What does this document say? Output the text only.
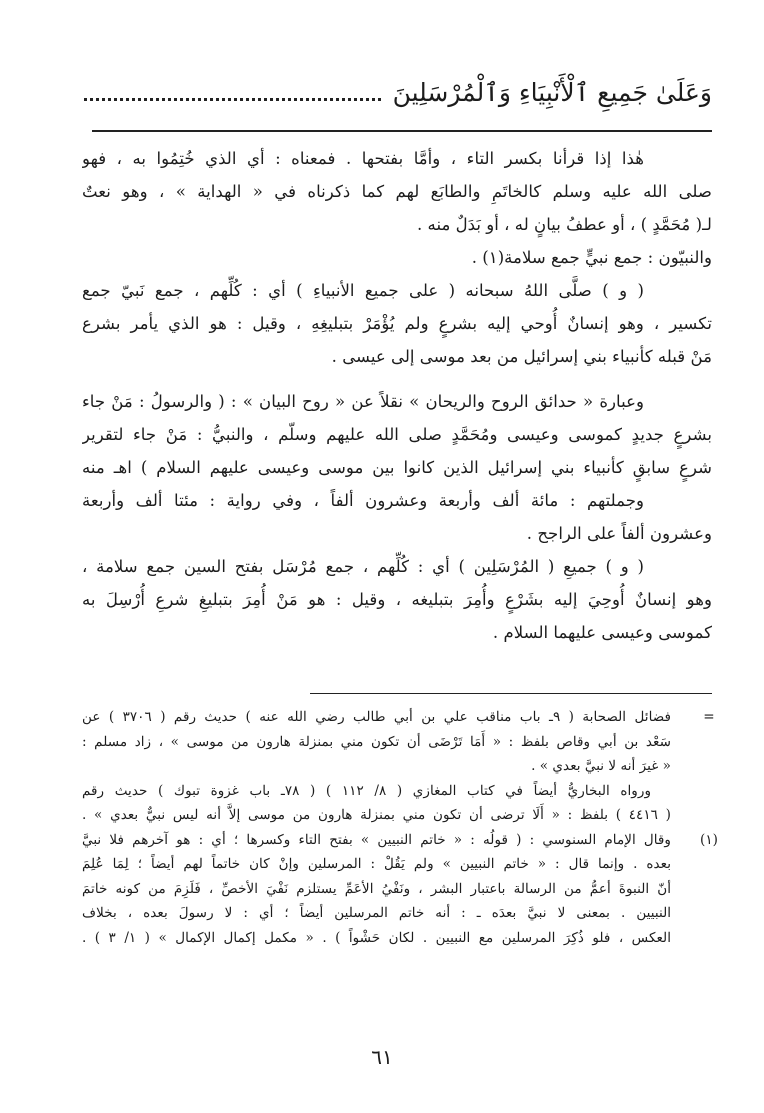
وَعَلَىٰ جَمِيعِ ٱلْأَنْبِيَاءِ وَٱلْمُرْسَلِينَ
هٰذا إذا قرأنا بكسر التاء ، وأمَّا بفتحها . فمعناه : أي الذي خُتِمُوا به ، فهو
صلى الله عليه وسلم كالخاتَمِ والطابَع لهم كما ذكرناه في « الهداية » ، وهو نعتٌ
لـ( مُحَمَّدٍ ) ، أو عطفُ بيانٍ له ، أو بَدَلٌ منه .
والنبيّون : جمع نبيٍّ جمع سلامة(١) .
( و ) صلَّى اللهُ سبحانه ( على جميع الأنبياءِ ) أي : كُلِّهم ، جمع نَبيّ جمع
تكسير ، وهو إنسانٌ أُوحي إليه بشرعٍ ولم يُؤْمَرْ بتبليغِهِ ، وقيل : هو الذي يأمر بشرع
مَنْ قبله كأنبياء بني إسرائيل من بعد موسى إلى عيسى .
وعبارة « حدائق الروح والريحان » نقلاً عن « روح البيان » : ( والرسولُ : مَنْ جاء
بشرعٍ جديدٍ كموسى وعيسى ومُحَمَّدٍ صلى الله عليهم وسلّم ، والنبيُّ : مَنْ جاء لتقرير
شرعٍ سابقٍ كأنبياء بني إسرائيل الذين كانوا بين موسى وعيسى عليهم السلام ) اهـ منه
وجملتهم : مائة ألف وأربعة وعشرون ألفاً ، وفي رواية : مئتا ألف وأربعة
وعشرون ألفاً على الراجح .
( و ) جميعِ ( المُرْسَلِين ) أي : كُلِّهم ، جمع مُرْسَل بفتح السين جمع سلامة ،
وهو إنسانٌ أُوحِيَ إليه بشَرْعٍ وأُمِرَ بتبليغه ، وقيل : هو مَنْ أُمِرَ بتبليغِ شرعِ أُرْسِلَ به
كموسى وعيسى عليهما السلام .
=
فضائل الصحابة ( ٩ـ باب مناقب علي بن أبي طالب رضي الله عنه ) حديث رقم ( ٣٧٠٦ ) عن
سَعْد بن أبي وقاص بلفظ : « أَمَا تَرْضَى أن تكون مني بمنزلة هارون من موسى » ، زاد مسلم :
« غيرَ أنه لا نبيَّ بعدي » .
ورواه البخاريُّ أيضاً في كتاب المغازي ( ٨/ ١١٢ ) ( ٧٨ـ باب غزوة تبوك ) حديث رقم
( ٤٤١٦ ) بلفظ : « أَلَا ترضى أن تكون مني بمنزلة هارون من موسى إلاَّ أنه ليس نبيٌّ بعدي » .
(١)
وقال الإمام السنوسي : ( قولُه : « خاتم النبيين » بفتح التاء وكسرها ؛ أي : هو آخرهم فلا نبيَّ
بعده . وإنما قال : « خاتم النبيين » ولم يَقُلْ : المرسلين وإنْ كان خاتماً لهم أيضاً ؛ لِمَا عُلِمَ
أنّ النبوةَ أعمُّ من الرسالة باعتبار البشر ، ونَفْيُ الأعَمِّ يستلزم نَفْيَ الأخصِّ ، فَلَزِمَ من كونه خاتمَ
النبيين . بمعنى لا نبيَّ بعدَه ـ : أنه خاتم المرسلين أيضاً ؛ أي : لا رسولَ بعده ، بخلاف
العكس ، فلو ذُكِرَ المرسلين مع النبيين . لكان حَشْواً ) . « مكمل إكمال الإكمال » ( ١/ ٣ ) .
٦١
